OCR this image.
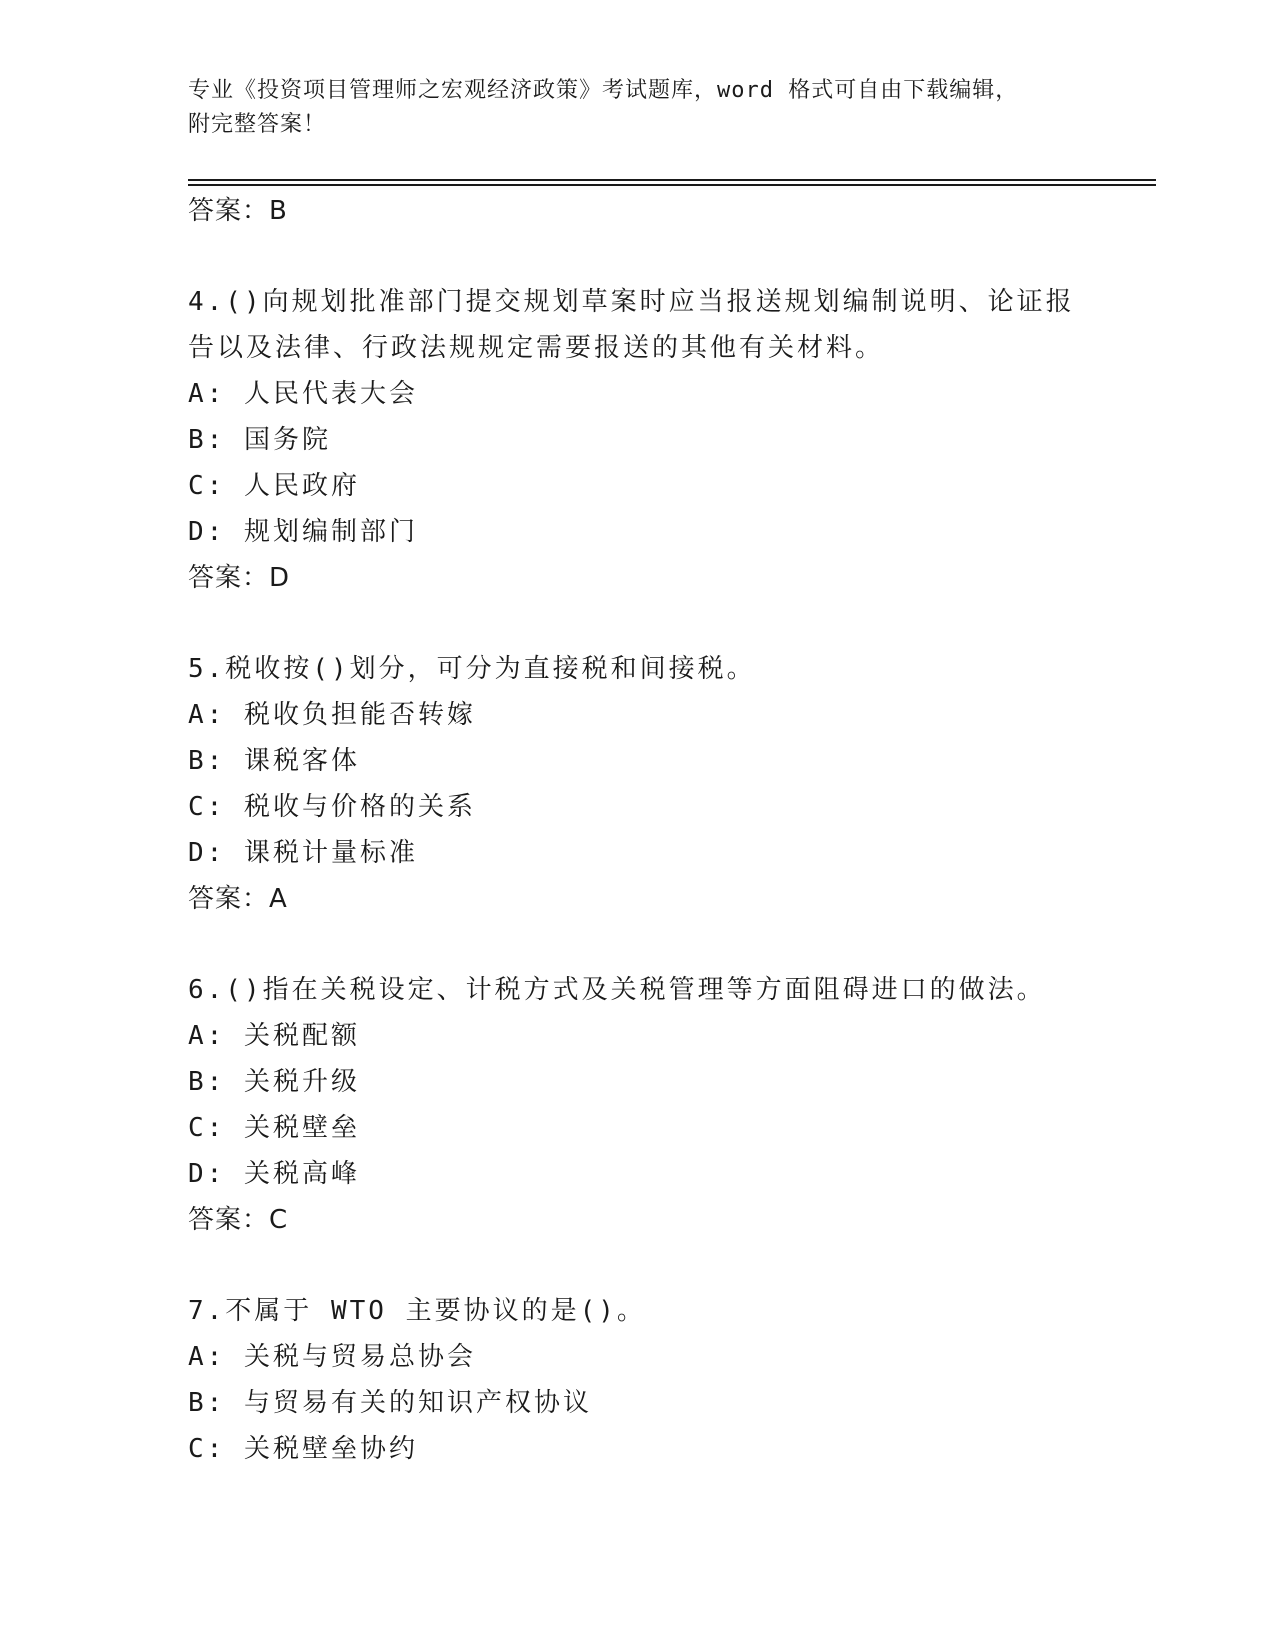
专业《投资项目管理师之宏观经济政策》考试题库，word 格式可自由下载编辑，
附完整答案！
答案：B
4.()向规划批准部门提交规划草案时应当报送规划编制说明、论证报
告以及法律、行政法规规定需要报送的其他有关材料。
A: 人民代表大会
B: 国务院
C: 人民政府
D: 规划编制部门
答案：D
5.税收按()划分，可分为直接税和间接税。
A: 税收负担能否转嫁
B: 课税客体
C: 税收与价格的关系
D: 课税计量标准
答案：A
6.()指在关税设定、计税方式及关税管理等方面阻碍进口的做法。
A: 关税配额
B: 关税升级
C: 关税壁垒
D: 关税高峰
答案：C
7.不属于 WTO 主要协议的是()。
A: 关税与贸易总协会
B: 与贸易有关的知识产权协议
C: 关税壁垒协约
